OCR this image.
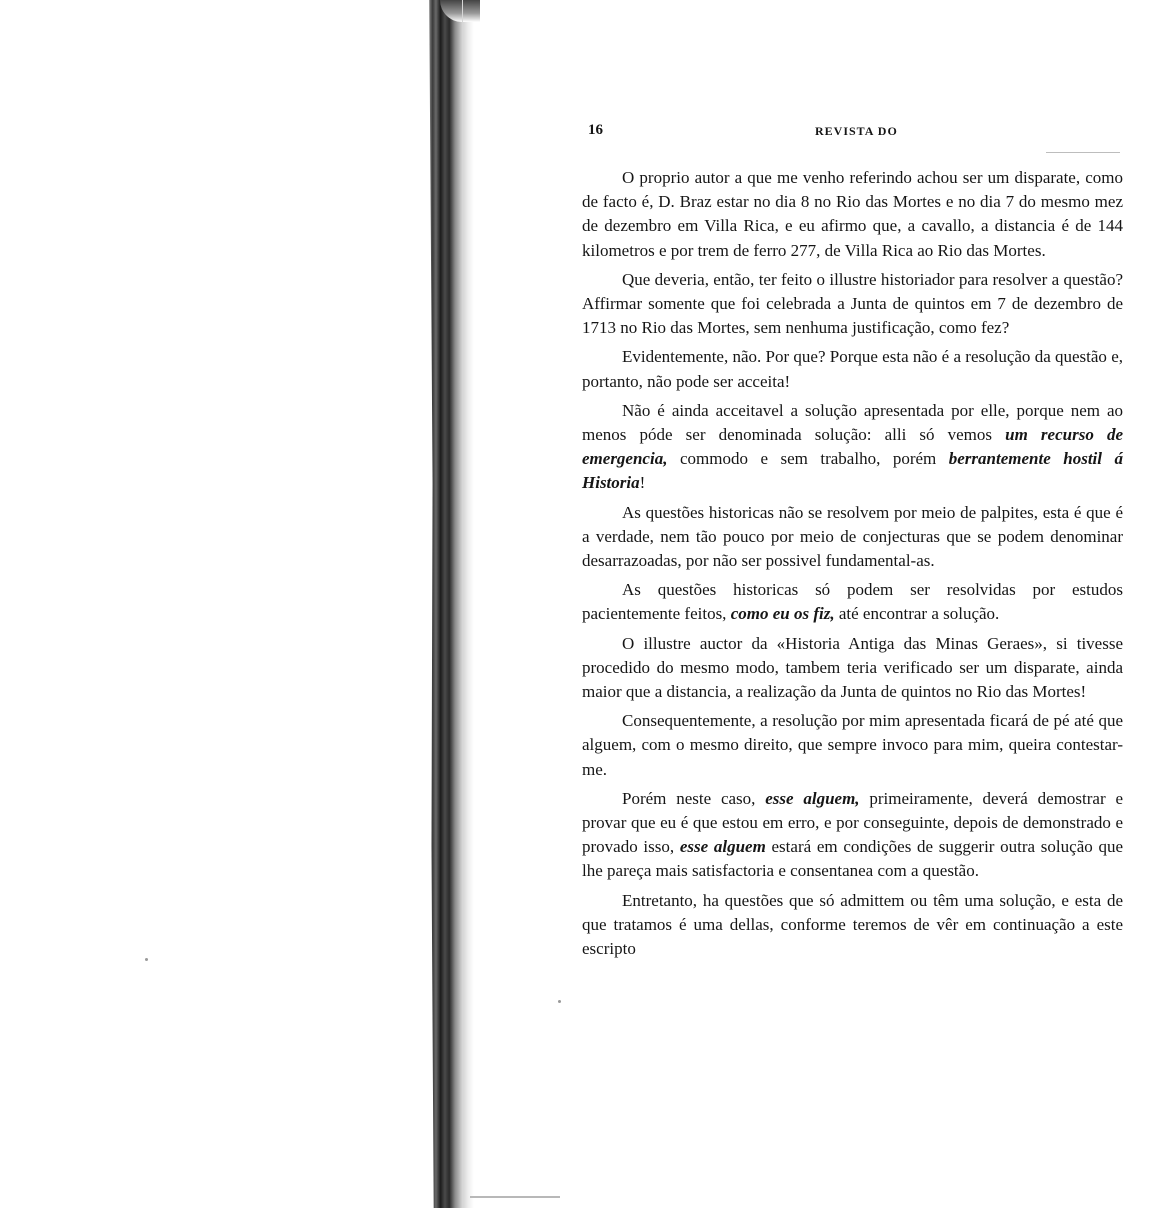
16	REVISTA DO

O proprio autor a que me venho referindo achou ser um disparate, como de facto é, D. Braz estar no dia 8 no Rio das Mortes e no dia 7 do mesmo mez de dezembro em Villa Rica, e eu afirmo que, a cavallo, a distancia é de 144 kilometros e por trem de ferro 277, de Villa Rica ao Rio das Mortes.

Que deveria, então, ter feito o illustre historiador para resolver a questão? Affirmar somente que foi celebrada a Junta de quintos em 7 de dezembro de 1713 no Rio das Mortes, sem nenhuma justificação, como fez?

Evidentemente, não. Por que? Porque esta não é a resolução da questão e, portanto, não pode ser acceita!

Não é ainda acceitavel a solução apresentada por elle, porque nem ao menos póde ser denominada solução: alli só vemos um recurso de emergencia, commodo e sem trabalho, porém berrantemente hostil á Historia!

As questões historicas não se resolvem por meio de palpites, esta é que é a verdade, nem tão pouco por meio de conjecturas que se podem denominar desarrazoadas, por não ser possivel fundamental-as.

As questões historicas só podem ser resolvidas por estudos pacientemente feitos, como eu os fiz, até encontrar a solução.

O illustre auctor da «Historia Antiga das Minas Geraes», si tivesse procedido do mesmo modo, tambem teria verificado ser um disparate, ainda maior que a distancia, a realização da Junta de quintos no Rio das Mortes!

Consequentemente, a resolução por mim apresentada ficará de pé até que alguem, com o mesmo direito, que sempre invoco para mim, queira contestar-me.

Porém neste caso, esse alguem, primeiramente, deverá demostrar e provar que eu é que estou em erro, e por conseguinte, depois de demonstrado e provado isso, esse alguem estará em condições de suggerir outra solução que lhe pareça mais satisfactoria e consentanea com a questão.

Entretanto, ha questões que só admittem ou têm uma solução, e esta de que tratamos é uma dellas, conforme teremos de vêr em continuação a este escripto
